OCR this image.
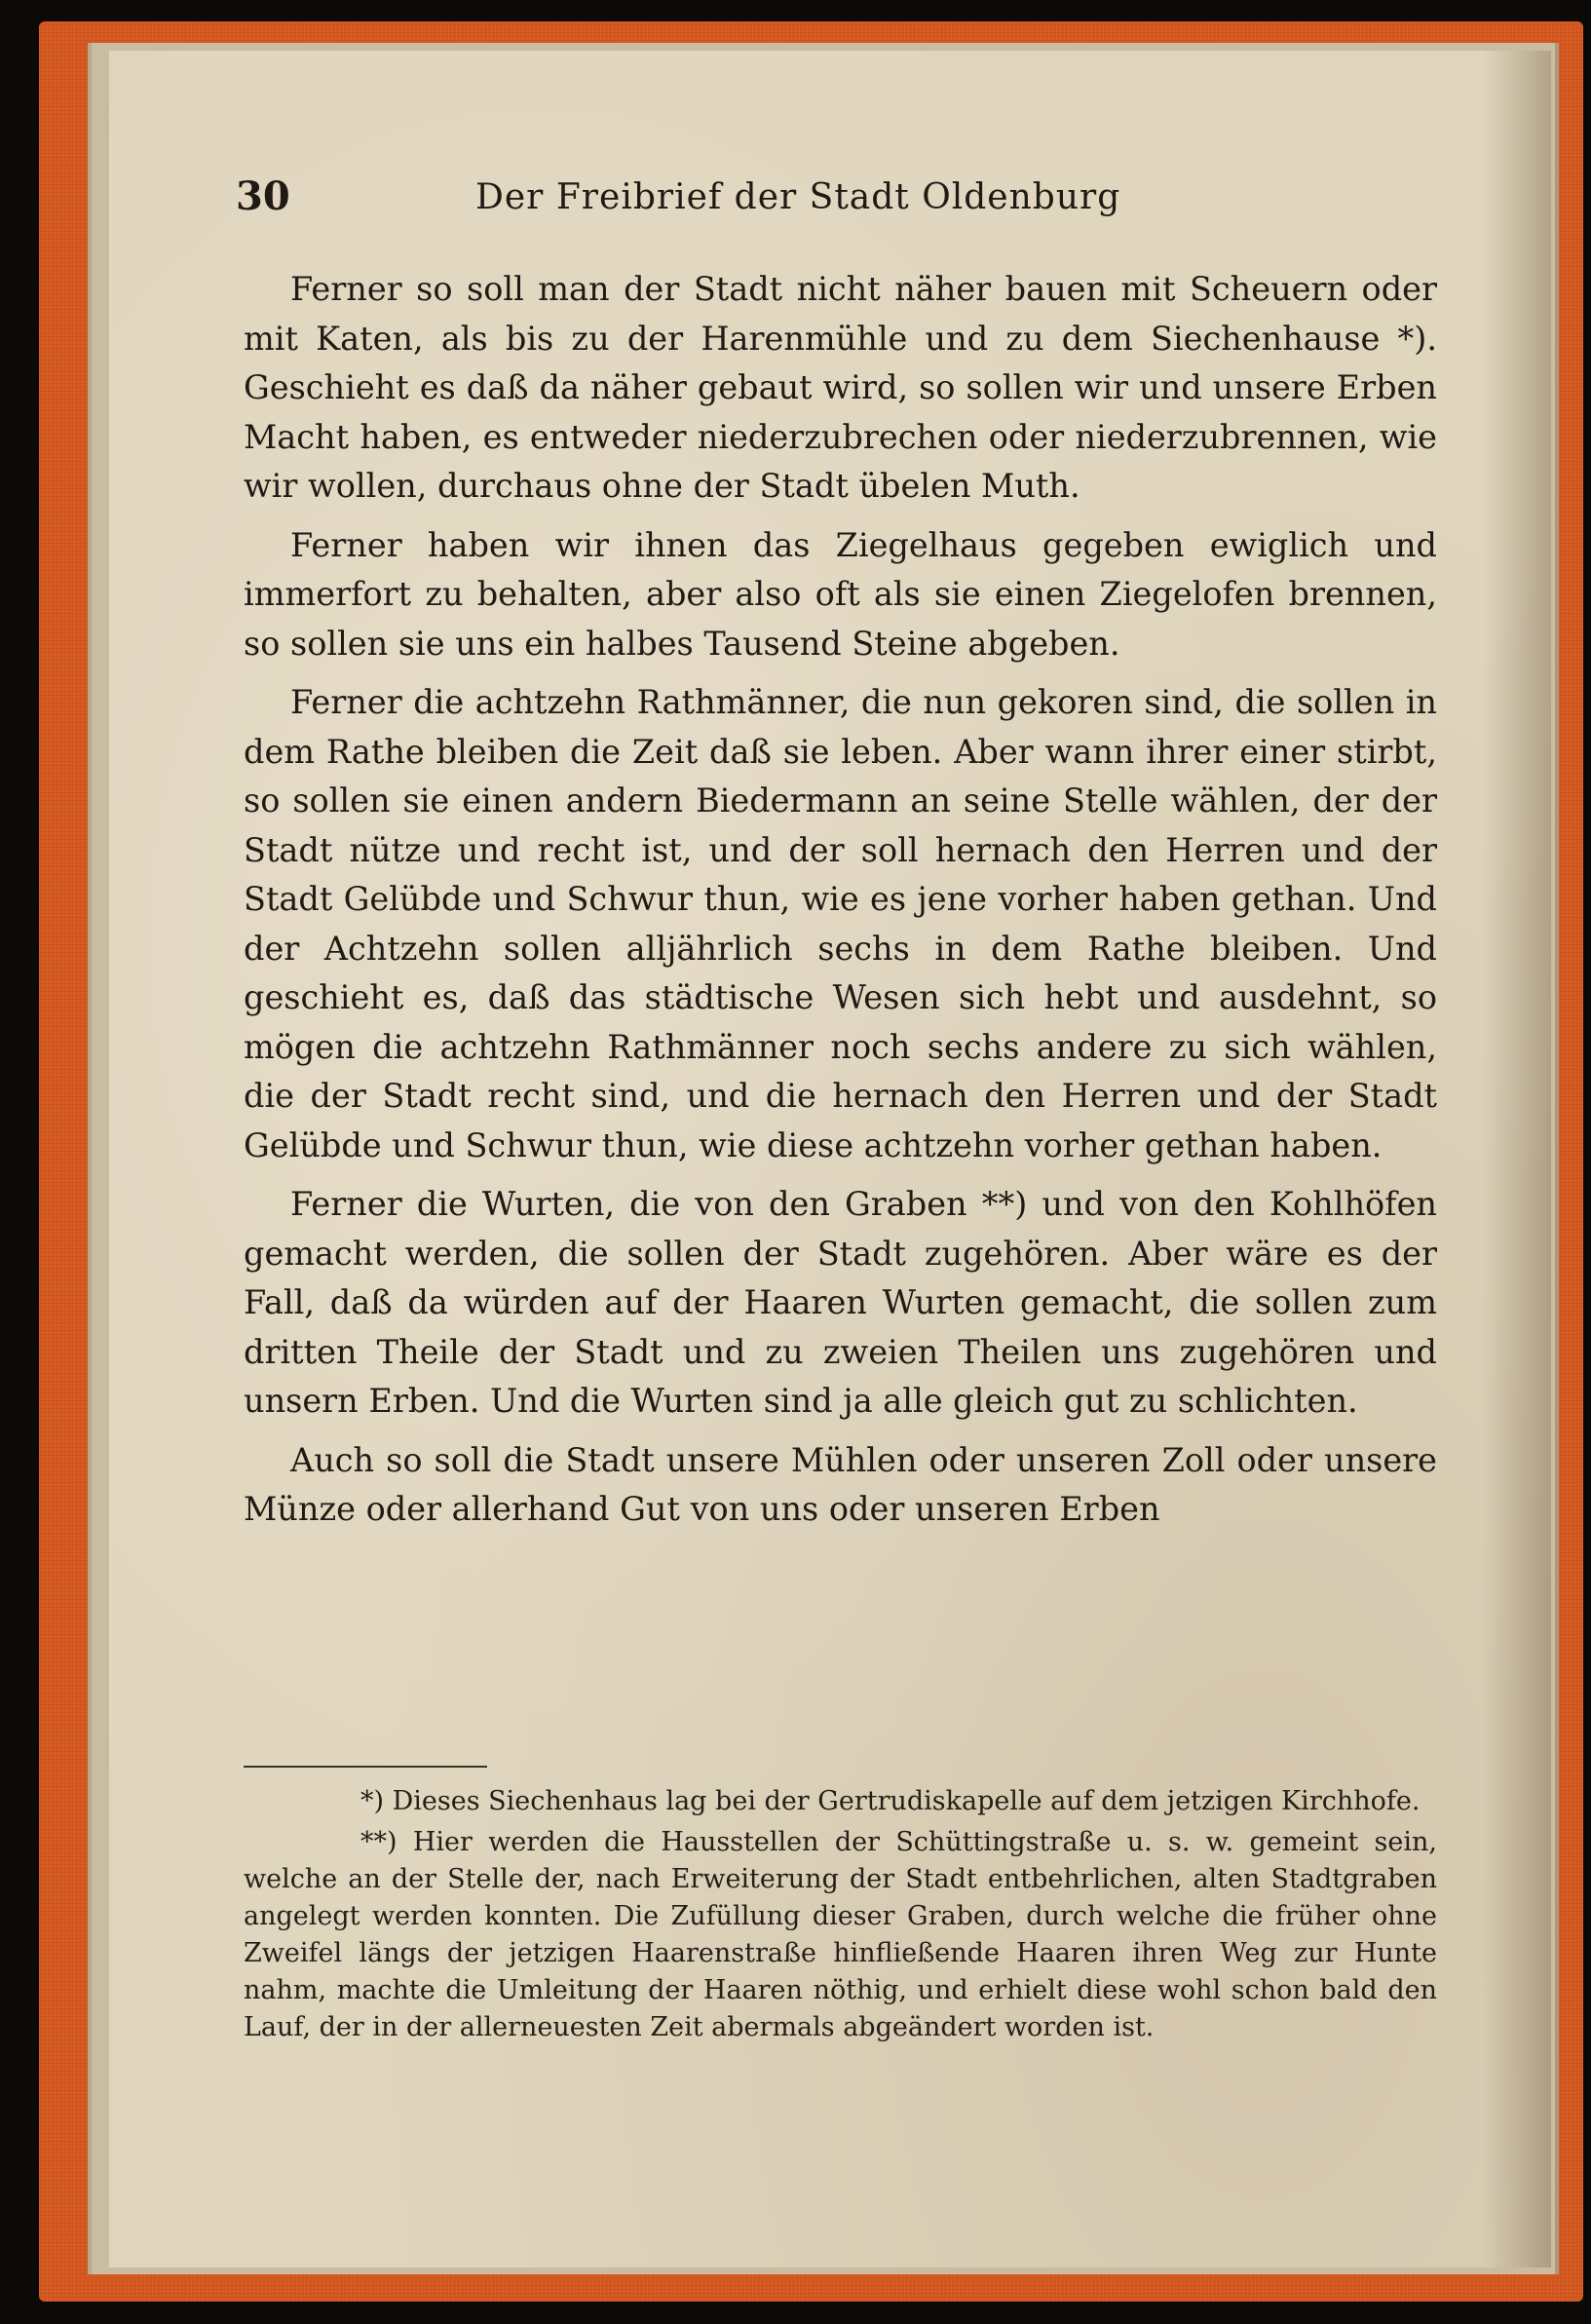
30	Der Freibrief der Stadt Oldenburg

Ferner so soll man der Stadt nicht näher bauen mit Scheuern oder mit Katen, als bis zu der Harenmühle und zu dem Siechenhause *). Geschieht es daß da näher gebaut wird, so sollen wir und unsere Erben Macht haben, es entweder niederzubrechen oder niederzubrennen, wie wir wollen, durchaus ohne der Stadt übelen Muth.

Ferner haben wir ihnen das Ziegelhaus gegeben ewiglich und immerfort zu behalten, aber also oft als sie einen Ziegelofen brennen, so sollen sie uns ein halbes Tausend Steine abgeben.

Ferner die achtzehn Rathmänner, die nun gekoren sind, die sollen in dem Rathe bleiben die Zeit daß sie leben. Aber wann ihrer einer stirbt, so sollen sie einen andern Biedermann an seine Stelle wählen, der der Stadt nütze und recht ist, und der soll hernach den Herren und der Stadt Gelübde und Schwur thun, wie es jene vorher haben gethan. Und der Achtzehn sollen alljährlich sechs in dem Rathe bleiben. Und geschieht es, daß das städtische Wesen sich hebt und ausdehnt, so mögen die achtzehn Rathmänner noch sechs andere zu sich wählen, die der Stadt recht sind, und die hernach den Herren und der Stadt Gelübde und Schwur thun, wie diese achtzehn vorher gethan haben.

Ferner die Wurten, die von den Graben **) und von den Kohlhöfen gemacht werden, die sollen der Stadt zugehören. Aber wäre es der Fall, daß da würden auf der Haaren Wurten gemacht, die sollen zum dritten Theile der Stadt und zu zweien Theilen uns zugehören und unsern Erben. Und die Wurten sind ja alle gleich gut zu schlichten.

Auch so soll die Stadt unsere Mühlen oder unseren Zoll oder unsere Münze oder allerhand Gut von uns oder unseren Erben

*) Dieses Siechenhaus lag bei der Gertrudiskapelle auf dem jetzigen Kirchhofe.

**) Hier werden die Hausstellen der Schüttingstraße u. s. w. gemeint sein, welche an der Stelle der, nach Erweiterung der Stadt entbehrlichen, alten Stadtgraben angelegt werden konnten. Die Zufüllung dieser Graben, durch welche die früher ohne Zweifel längs der jetzigen Haarenstraße hinfließende Haaren ihren Weg zur Hunte nahm, machte die Umleitung der Haaren nöthig, und erhielt diese wohl schon bald den Lauf, der in der allerneuesten Zeit abermals abgeändert worden ist.
